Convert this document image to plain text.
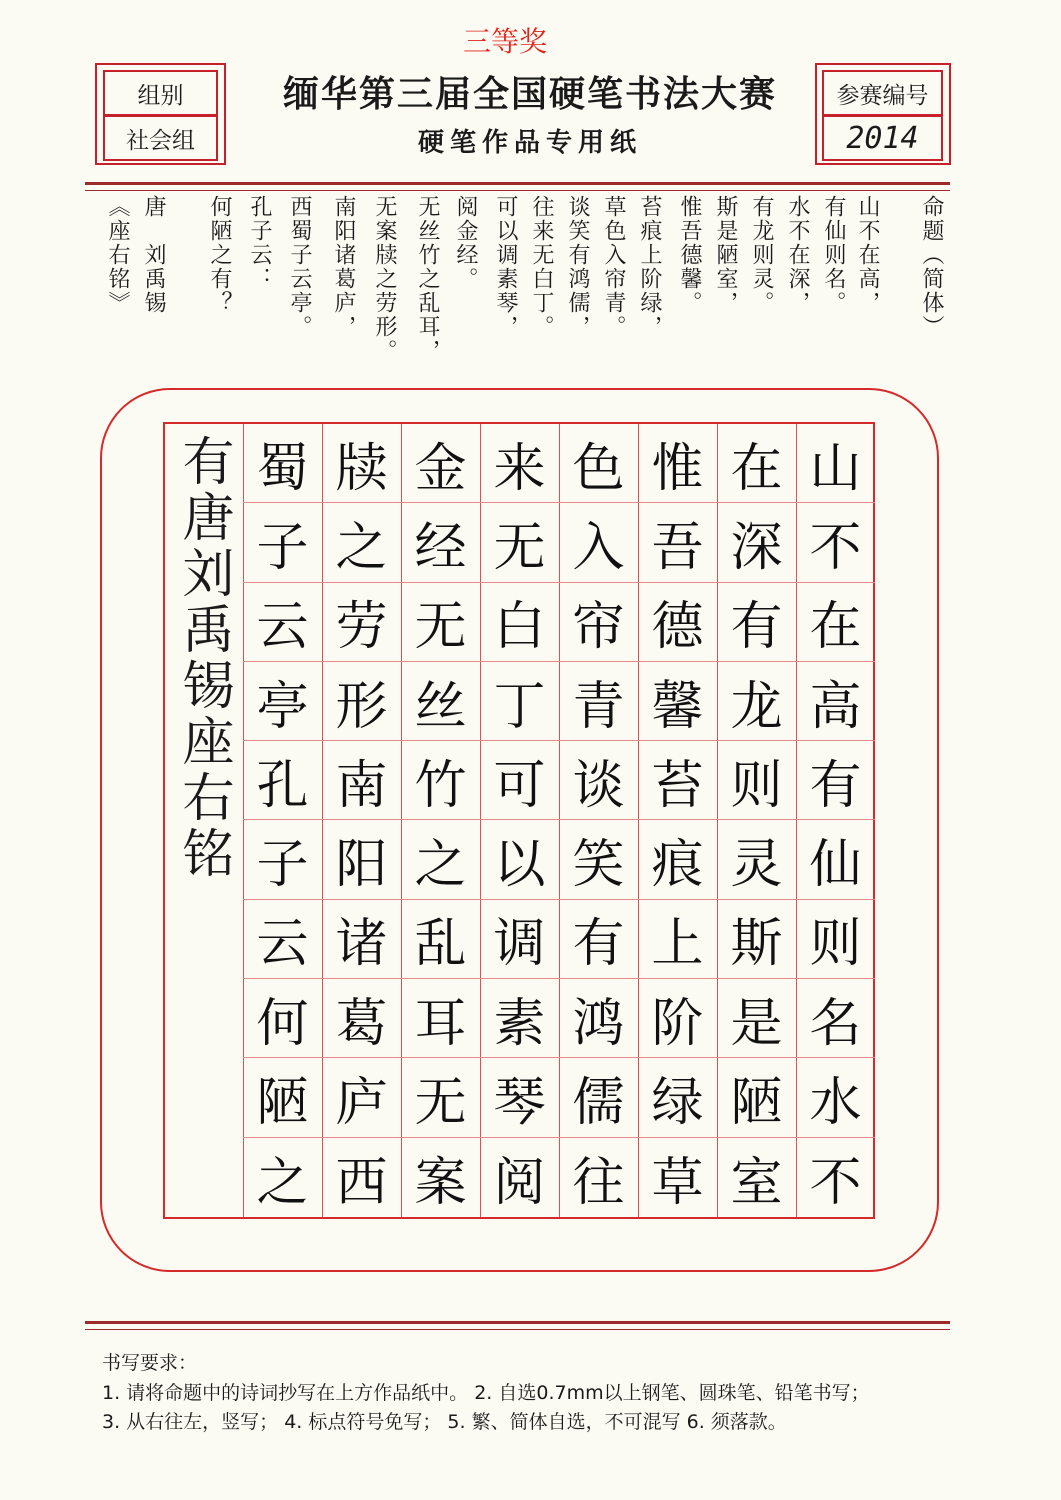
三等奖
组别
社会组
缅华第三届全国硬笔书法大赛
硬笔作品专用纸
参赛编号
2014
命题（简体）
山不在高，
有仙则名。
水不在深，
有龙则灵。
斯是陋室，
惟吾德馨。
苔痕上阶绿，
草色入帘青。
谈笑有鸿儒，
往来无白丁。
可以调素琴，
阅金经。
无丝竹之乱耳，
无案牍之劳形。
南阳诸葛庐，
西蜀子云亭。
孔子云：
何陋之有？
唐　刘禹锡
《座右铭》
有唐刘禹锡座右铭 蜀
子
云
亭
孔
子
云
何
陋
之
牍
之
劳
形
南
阳
诸
葛
庐
西
金
经
无
丝
竹
之
乱
耳
无
案
来
无
白
丁
可
以
调
素
琴
阅
色
入
帘
青
谈
笑
有
鸿
儒
往
惟
吾
德
馨
苔
痕
上
阶
绿
草
在
深
有
龙
则
灵
斯
是
陋
室
山
不
在
高
有
仙
则
名
水
不
书写要求：
1. 请将命题中的诗词抄写在上方作品纸中。 2. 自选0.7mm以上钢笔、圆珠笔、铅笔书写；
3. 从右往左，竖写； 4. 标点符号免写； 5. 繁、简体自选，不可混写 6. 须落款。
